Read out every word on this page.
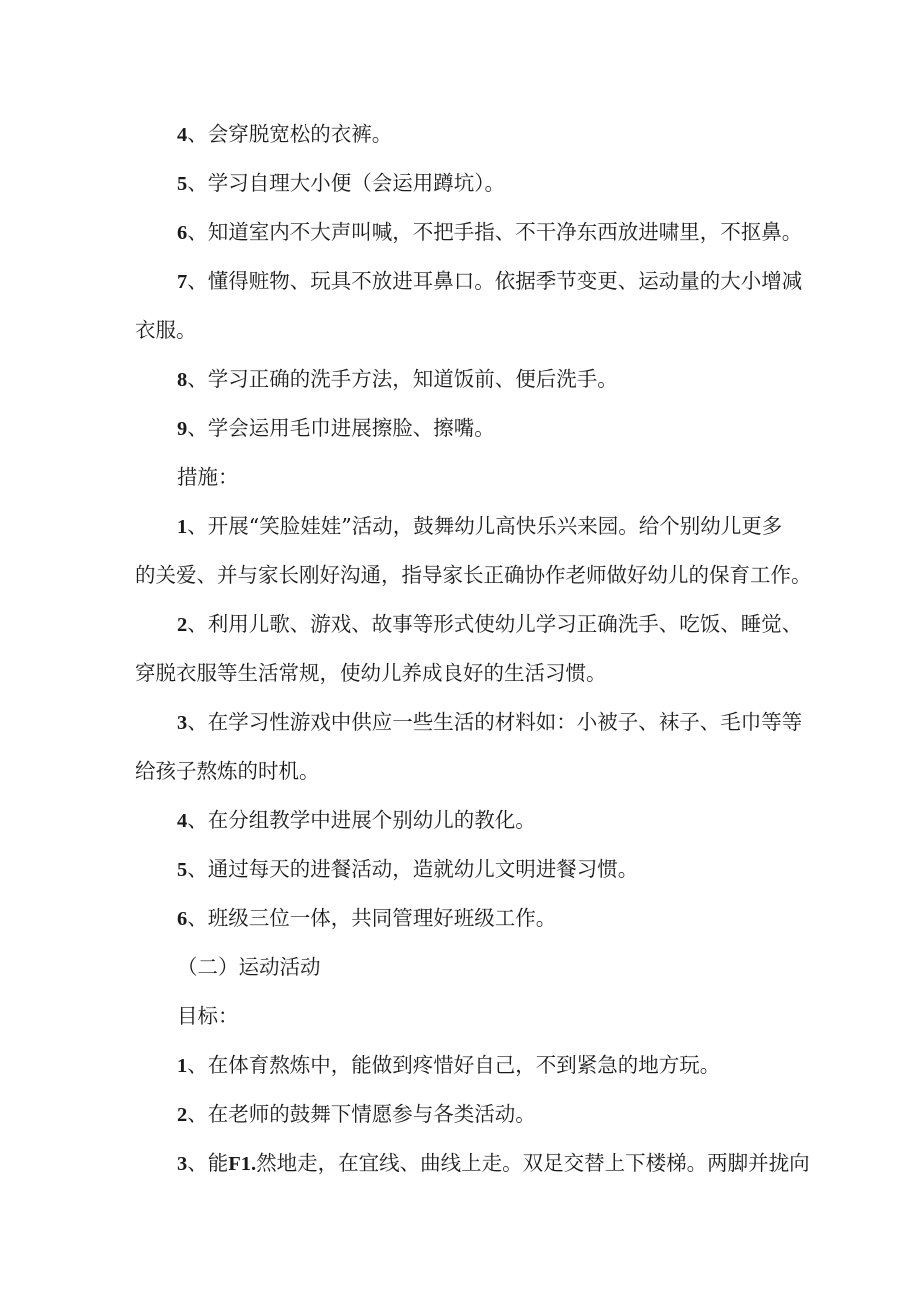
4、会穿脱宽松的衣裤。
5、学习自理大小便（会运用蹲坑）。
6、知道室内不大声叫喊，不把手指、不干净东西放进啸里，不抠鼻。
7、懂得赃物、玩具不放进耳鼻口。依据季节变更、运动量的大小增减
衣服。
8、学习正确的洗手方法，知道饭前、便后洗手。
9、学会运用毛巾进展擦脸、擦嘴。
措施：
1、开展“笑脸娃娃”活动，鼓舞幼儿高快乐兴来园。给个别幼儿更多
的关爱、并与家长刚好沟通，指导家长正确协作老师做好幼儿的保育工作。
2、利用儿歌、游戏、故事等形式使幼儿学习正确洗手、吃饭、睡觉、
穿脱衣服等生活常规，使幼儿养成良好的生活习惯。
3、在学习性游戏中供应一些生活的材料如：小被子、袜子、毛巾等等
给孩子熬炼的时机。
4、在分组教学中进展个别幼儿的教化。
5、通过每天的进餐活动，造就幼儿文明进餐习惯。
6、班级三位一体，共同管理好班级工作。
（二）运动活动
目标：
1、在体育熬炼中，能做到疼惜好自己，不到紧急的地方玩。
2、在老师的鼓舞下情愿参与各类活动。
3、能F1.然地走，在宜线、曲线上走。双足交替上下楼梯。两脚并拢向
